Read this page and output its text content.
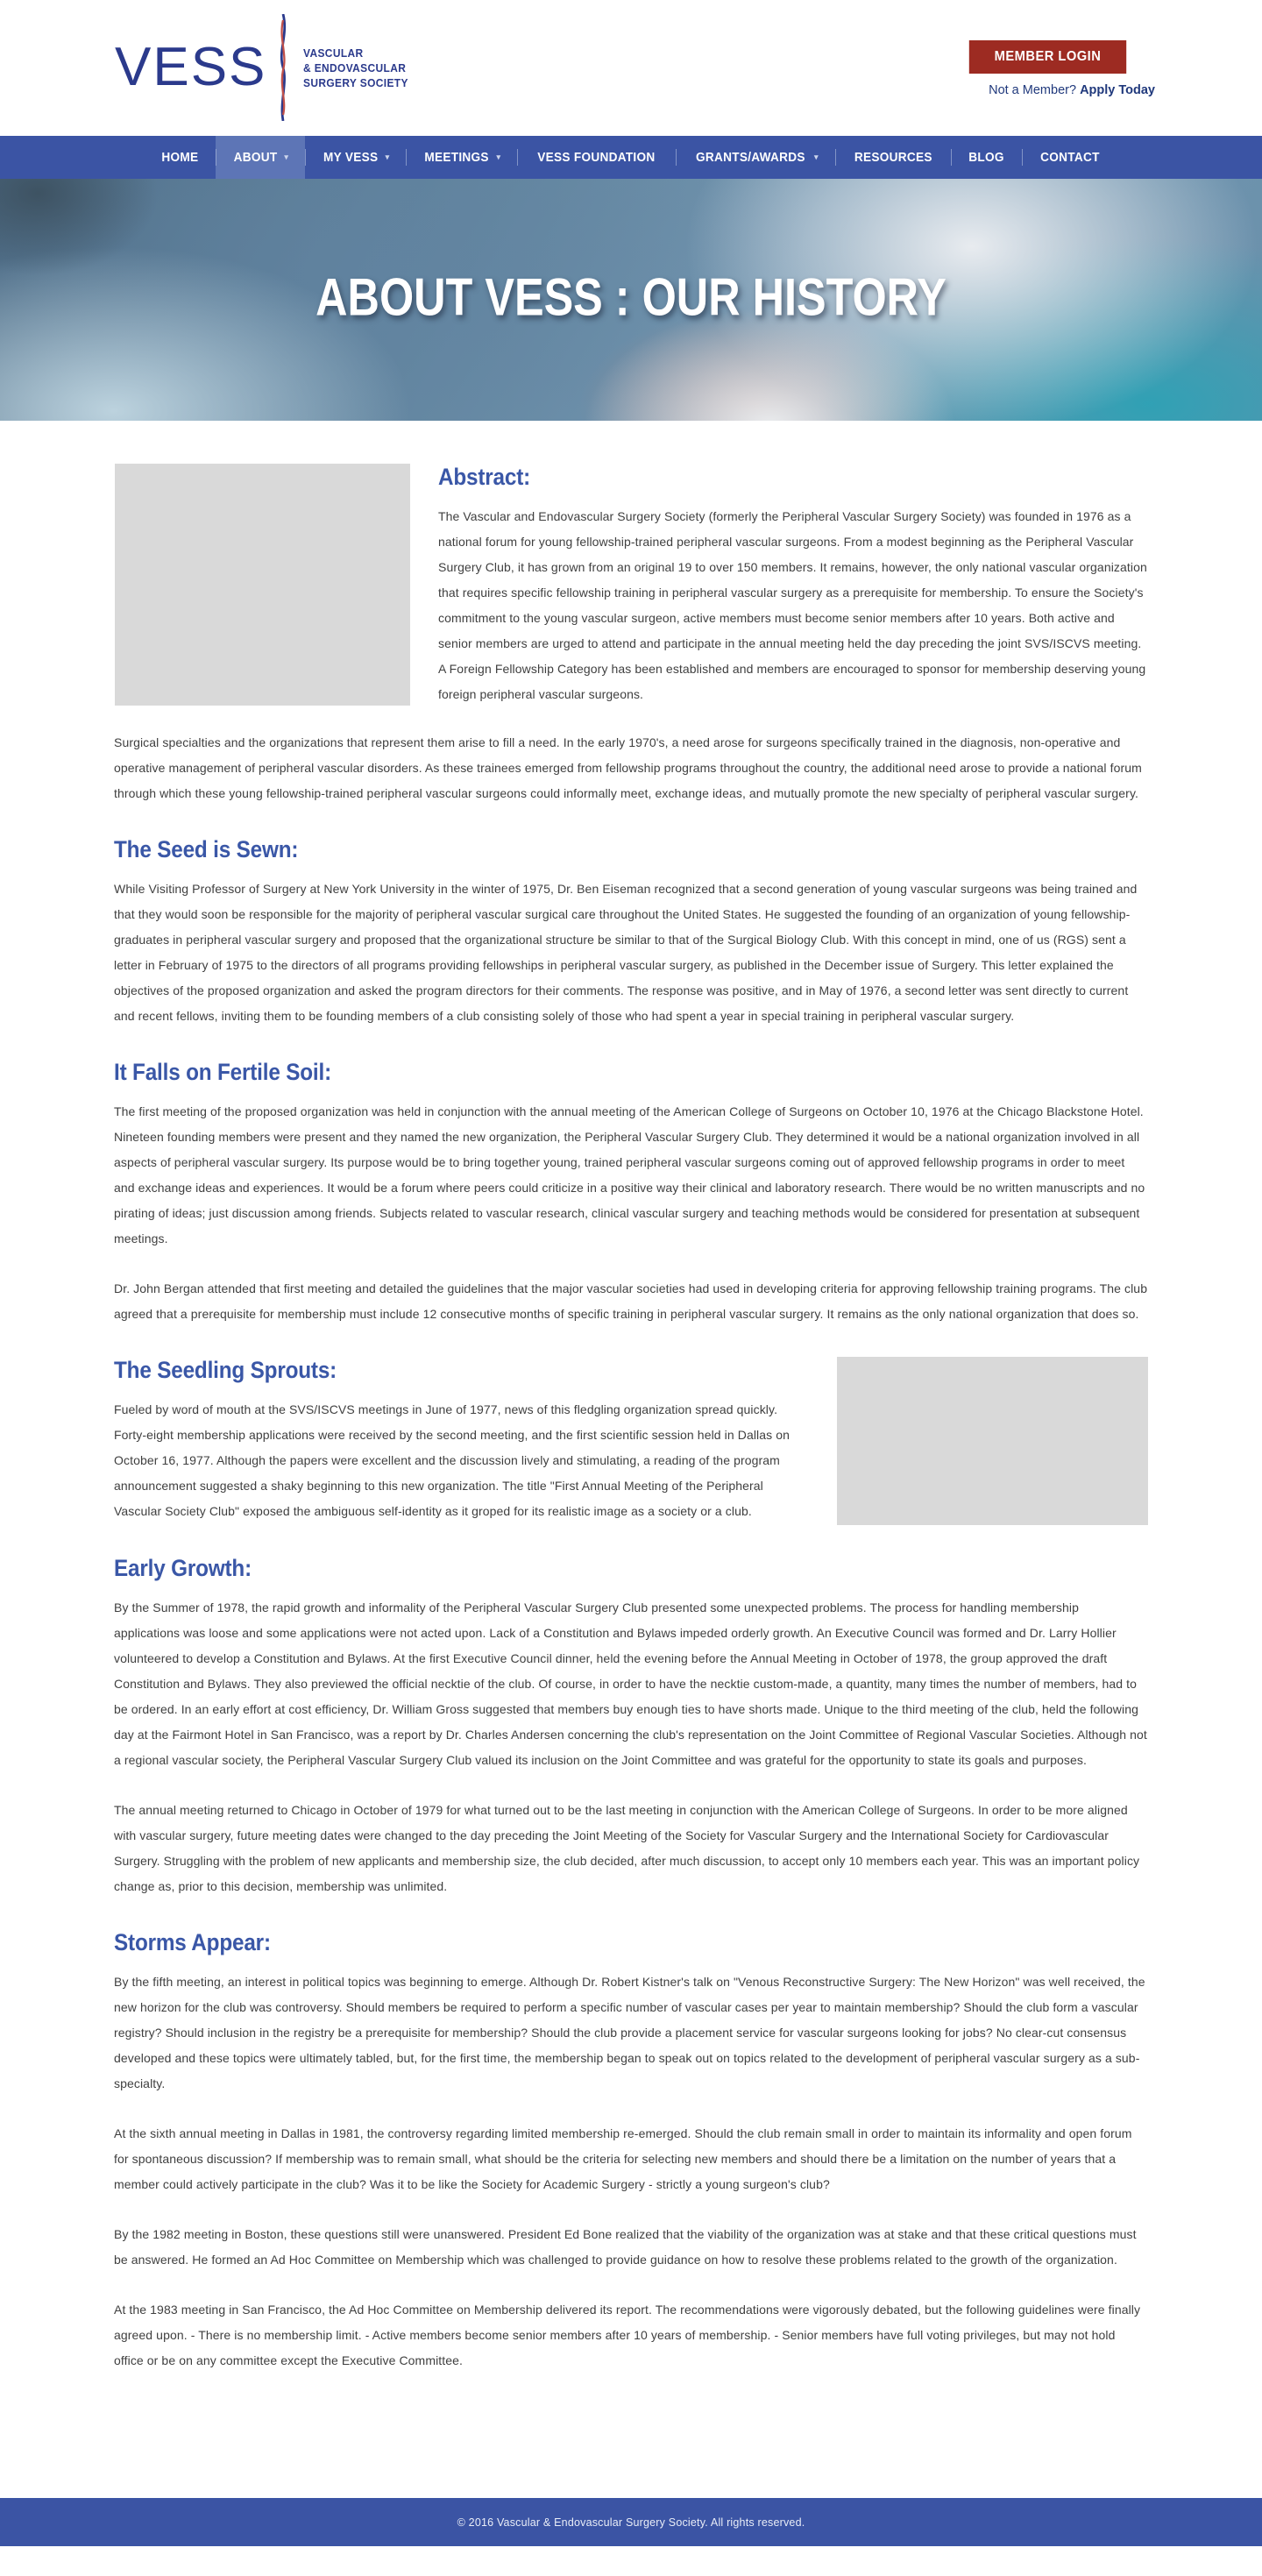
VESS	VASCULAR
& ENDOVASCULAR
SURGERY SOCIETY
MEMBER LOGIN
Not a Member? Apply Today
HOME	ABOUT ▾	MY VESS ▾	MEETINGS ▾	VESS FOUNDATION	GRANTS/AWARDS ▾	RESOURCES	BLOG	CONTACT
ABOUT VESS : OUR HISTORY
Abstract:

The Vascular and Endovascular Surgery Society (formerly the Peripheral Vascular Surgery Society) was founded in 1976 as a national forum for young fellowship-trained peripheral vascular surgeons. From a modest beginning as the Peripheral Vascular Surgery Club, it has grown from an original 19 to over 150 members. It remains, however, the only national vascular organization that requires specific fellowship training in peripheral vascular surgery as a prerequisite for membership. To ensure the Society's commitment to the young vascular surgeon, active members must become senior members after 10 years. Both active and senior members are urged to attend and participate in the annual meeting held the day preceding the joint SVS/ISCVS meeting. A Foreign Fellowship Category has been established and members are encouraged to sponsor for membership deserving young foreign peripheral vascular surgeons.

Surgical specialties and the organizations that represent them arise to fill a need. In the early 1970's, a need arose for surgeons specifically trained in the diagnosis, non-operative and operative management of peripheral vascular disorders. As these trainees emerged from fellowship programs throughout the country, the additional need arose to provide a national forum through which these young fellowship-trained peripheral vascular surgeons could informally meet, exchange ideas, and mutually promote the new specialty of peripheral vascular surgery.

The Seed is Sewn:

While Visiting Professor of Surgery at New York University in the winter of 1975, Dr. Ben Eiseman recognized that a second generation of young vascular surgeons was being trained and that they would soon be responsible for the majority of peripheral vascular surgical care throughout the United States. He suggested the founding of an organization of young fellowship-graduates in peripheral vascular surgery and proposed that the organizational structure be similar to that of the Surgical Biology Club. With this concept in mind, one of us (RGS) sent a letter in February of 1975 to the directors of all programs providing fellowships in peripheral vascular surgery, as published in the December issue of Surgery. This letter explained the objectives of the proposed organization and asked the program directors for their comments. The response was positive, and in May of 1976, a second letter was sent directly to current and recent fellows, inviting them to be founding members of a club consisting solely of those who had spent a year in special training in peripheral vascular surgery.

It Falls on Fertile Soil:

The first meeting of the proposed organization was held in conjunction with the annual meeting of the American College of Surgeons on October 10, 1976 at the Chicago Blackstone Hotel. Nineteen founding members were present and they named the new organization, the Peripheral Vascular Surgery Club. They determined it would be a national organization involved in all aspects of peripheral vascular surgery. Its purpose would be to bring together young, trained peripheral vascular surgeons coming out of approved fellowship programs in order to meet and exchange ideas and experiences. It would be a forum where peers could criticize in a positive way their clinical and laboratory research. There would be no written manuscripts and no pirating of ideas; just discussion among friends. Subjects related to vascular research, clinical vascular surgery and teaching methods would be considered for presentation at subsequent meetings.

Dr. John Bergan attended that first meeting and detailed the guidelines that the major vascular societies had used in developing criteria for approving fellowship training programs. The club agreed that a prerequisite for membership must include 12 consecutive months of specific training in peripheral vascular surgery. It remains as the only national organization that does so.

The Seedling Sprouts:

Fueled by word of mouth at the SVS/ISCVS meetings in June of 1977, news of this fledgling organization spread quickly. Forty-eight membership applications were received by the second meeting, and the first scientific session held in Dallas on October 16, 1977. Although the papers were excellent and the discussion lively and stimulating, a reading of the program announcement suggested a shaky beginning to this new organization. The title "First Annual Meeting of the Peripheral Vascular Society Club" exposed the ambiguous self-identity as it groped for its realistic image as a society or a club.

Early Growth:

By the Summer of 1978, the rapid growth and informality of the Peripheral Vascular Surgery Club presented some unexpected problems. The process for handling membership applications was loose and some applications were not acted upon. Lack of a Constitution and Bylaws impeded orderly growth. An Executive Council was formed and Dr. Larry Hollier volunteered to develop a Constitution and Bylaws. At the first Executive Council dinner, held the evening before the Annual Meeting in October of 1978, the group approved the draft Constitution and Bylaws. They also previewed the official necktie of the club. Of course, in order to have the necktie custom-made, a quantity, many times the number of members, had to be ordered. In an early effort at cost efficiency, Dr. William Gross suggested that members buy enough ties to have shorts made. Unique to the third meeting of the club, held the following day at the Fairmont Hotel in San Francisco, was a report by Dr. Charles Andersen concerning the club's representation on the Joint Committee of Regional Vascular Societies. Although not a regional vascular society, the Peripheral Vascular Surgery Club valued its inclusion on the Joint Committee and was grateful for the opportunity to state its goals and purposes.

The annual meeting returned to Chicago in October of 1979 for what turned out to be the last meeting in conjunction with the American College of Surgeons. In order to be more aligned with vascular surgery, future meeting dates were changed to the day preceding the Joint Meeting of the Society for Vascular Surgery and the International Society for Cardiovascular Surgery. Struggling with the problem of new applicants and membership size, the club decided, after much discussion, to accept only 10 members each year. This was an important policy change as, prior to this decision, membership was unlimited.

Storms Appear:

By the fifth meeting, an interest in political topics was beginning to emerge. Although Dr. Robert Kistner's talk on "Venous Reconstructive Surgery: The New Horizon" was well received, the new horizon for the club was controversy. Should members be required to perform a specific number of vascular cases per year to maintain membership? Should the club form a vascular registry? Should inclusion in the registry be a prerequisite for membership? Should the club provide a placement service for vascular surgeons looking for jobs? No clear-cut consensus developed and these topics were ultimately tabled, but, for the first time, the membership began to speak out on topics related to the development of peripheral vascular surgery as a sub-specialty.

At the sixth annual meeting in Dallas in 1981, the controversy regarding limited membership re-emerged. Should the club remain small in order to maintain its informality and open forum for spontaneous discussion? If membership was to remain small, what should be the criteria for selecting new members and should there be a limitation on the number of years that a member could actively participate in the club? Was it to be like the Society for Academic Surgery - strictly a young surgeon's club?

By the 1982 meeting in Boston, these questions still were unanswered. President Ed Bone realized that the viability of the organization was at stake and that these critical questions must be answered. He formed an Ad Hoc Committee on Membership which was challenged to provide guidance on how to resolve these problems related to the growth of the organization.

At the 1983 meeting in San Francisco, the Ad Hoc Committee on Membership delivered its report. The recommendations were vigorously debated, but the following guidelines were finally agreed upon. - There is no membership limit. - Active members become senior members after 10 years of membership. - Senior members have full voting privileges, but may not hold office or be on any committee except the Executive Committee.

© 2016 Vascular & Endovascular Surgery Society. All rights reserved.
